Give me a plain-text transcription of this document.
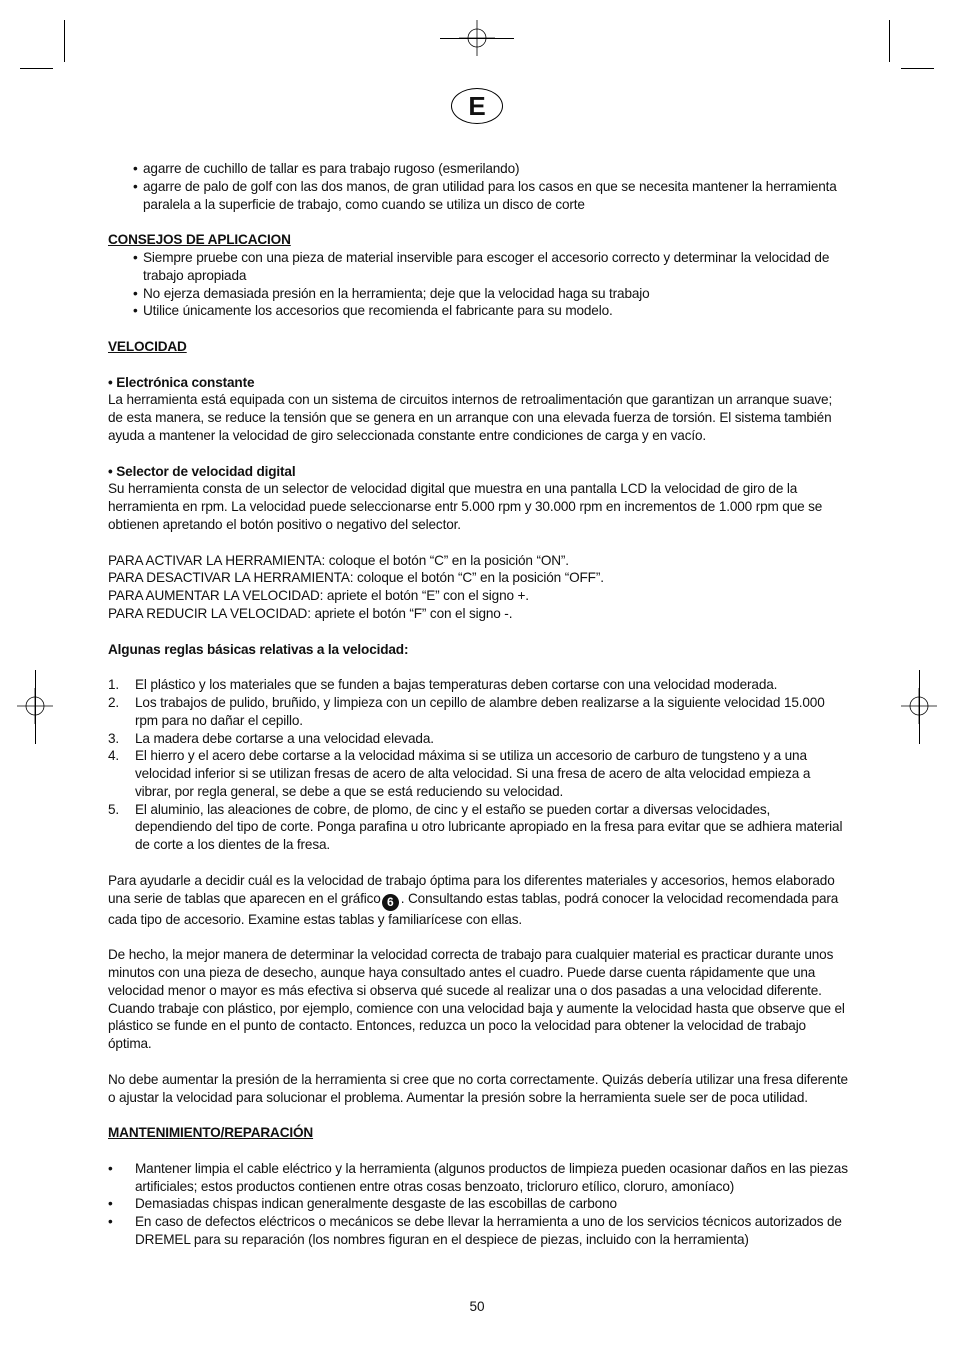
E
• agarre de cuchillo de tallar es para trabajo rugoso (esmerilando)
• agarre de palo de golf con las dos manos, de gran utilidad para los casos en que se necesita mantener la herramienta paralela a la superficie de trabajo, como cuando se utiliza un disco de corte

CONSEJOS DE APLICACION

• Siempre pruebe con una pieza de material inservible para escoger el accesorio correcto y determinar la velocidad de trabajo apropiada
• No ejerza demasiada presión en la herramienta; deje que la velocidad haga su trabajo
• Utilice únicamente los accesorios que recomienda el fabricante para su modelo.

VELOCIDAD

• Electrónica constante

La herramienta está equipada con un sistema de circuitos internos de retroalimentación que garantizan un arranque suave; de esta manera, se reduce la tensión que se genera en un arranque con una elevada fuerza de torsión. El sistema también ayuda a mantener la velocidad de giro seleccionada constante entre condiciones de carga y en vacío.

• Selector de velocidad digital

Su herramienta consta de un selector de velocidad digital que muestra en una pantalla LCD la velocidad de giro de la herramienta en rpm. La velocidad puede seleccionarse entr 5.000 rpm y 30.000 rpm en incrementos de 1.000 rpm que se obtienen apretando el botón positivo o negativo del selector.

PARA ACTIVAR LA HERRAMIENTA: coloque el botón “C” en la posición “ON”.

PARA DESACTIVAR LA HERRAMIENTA: coloque el botón “C” en la posición “OFF”.

PARA AUMENTAR LA VELOCIDAD: apriete el botón “E” con el signo +.

PARA REDUCIR LA VELOCIDAD: apriete el botón “F” con el signo -.

Algunas reglas básicas relativas a la velocidad:

1. El plástico y los materiales que se funden a bajas temperaturas deben cortarse con una velocidad moderada.
2. Los trabajos de pulido, bruñido, y limpieza con un cepillo de alambre deben realizarse a la siguiente velocidad 15.000 rpm para no dañar el cepillo.
3. La madera debe cortarse a una velocidad elevada.
4. El hierro y el acero debe cortarse a la velocidad máxima si se utiliza un accesorio de carburo de tungsteno y a una velocidad inferior si se utilizan fresas de acero de alta velocidad. Si una fresa de acero de alta velocidad empieza a vibrar, por regla general, se debe a que se está reduciendo su velocidad.
5. El aluminio, las aleaciones de cobre, de plomo, de cinc y el estaño se pueden cortar a diversas velocidades, dependiendo del tipo de corte. Ponga parafina u otro lubricante apropiado en la fresa para evitar que se adhiera material de corte a los dientes de la fresa.

Para ayudarle a decidir cuál es la velocidad de trabajo óptima para los diferentes materiales y accesorios, hemos elaborado una serie de tablas que aparecen en el gráfico 6 . Consultando estas tablas, podrá conocer la velocidad recomendada para cada tipo de accesorio. Examine estas tablas y familiarícese con ellas.

De hecho, la mejor manera de determinar la velocidad correcta de trabajo para cualquier material es practicar durante unos minutos con una pieza de desecho, aunque haya consultado antes el cuadro. Puede darse cuenta rápidamente que una velocidad menor o mayor es más efectiva si observa qué sucede al realizar una o dos pasadas a una velocidad diferente. Cuando trabaje con plástico, por ejemplo, comience con una velocidad baja y aumente la velocidad hasta que observe que el plástico se funde en el punto de contacto. Entonces, reduzca un poco la velocidad para obtener la velocidad de trabajo óptima.

No debe aumentar la presión de la herramienta si cree que no corta correctamente. Quizás debería utilizar una fresa diferente o ajustar la velocidad para solucionar el problema. Aumentar la presión sobre la herramienta suele ser de poca utilidad.

MANTENIMIENTO/REPARACIÓN

• Mantener limpia el cable eléctrico y la herramienta (algunos productos de limpieza pueden ocasionar daños en las piezas artificiales; estos productos contienen entre otras cosas benzoato, tricloruro etílico, cloruro, amoníaco)
• Demasiadas chispas indican generalmente desgaste de las escobillas de carbono
• En caso de defectos eléctricos o mecánicos se debe llevar la herramienta a uno de los servicios técnicos autorizados de DREMEL para su reparación (los nombres figuran en el despiece de piezas, incluido con la herramienta)
50
